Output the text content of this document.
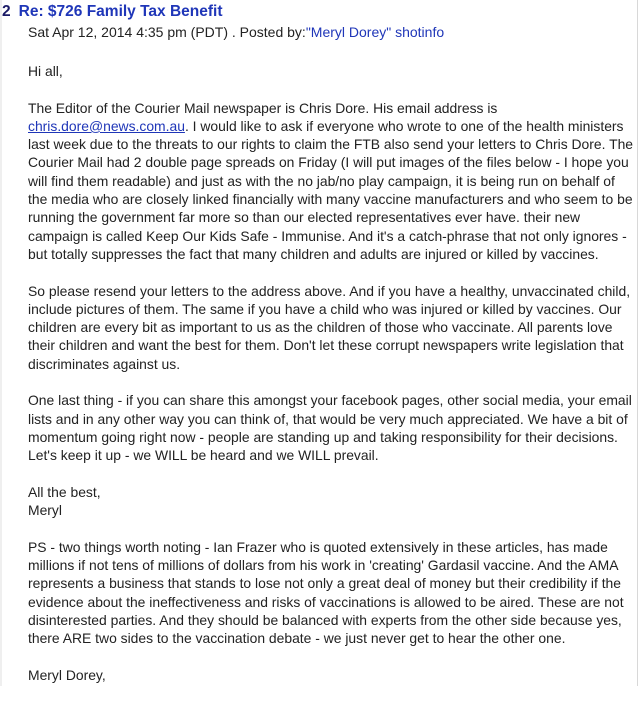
2 Re: $726 Family Tax Benefit
Sat Apr 12, 2014 4:35 pm (PDT) . Posted by:"Meryl Dorey" shotinfo

Hi all,

The Editor of the Courier Mail newspaper is Chris Dore. His email address is chris.dore@news.com.au. I would like to ask if everyone who wrote to one of the health ministers last week due to the threats to our rights to claim the FTB also send your letters to Chris Dore. The Courier Mail had 2 double page spreads on Friday (I will put images of the files below - I hope you will find them readable) and just as with the no jab/no play campaign, it is being run on behalf of the media who are closely linked financially with many vaccine manufacturers and who seem to be running the government far more so than our elected representatives ever have. their new campaign is called Keep Our Kids Safe - Immunise. And it's a catch-phrase that not only ignores - but totally suppresses the fact that many children and adults are injured or killed by vaccines.

So please resend your letters to the address above. And if you have a healthy, unvaccinated child, include pictures of them. The same if you have a child who was injured or killed by vaccines. Our children are every bit as important to us as the children of those who vaccinate. All parents love their children and want the best for them. Don't let these corrupt newspapers write legislation that discriminates against us.

One last thing - if you can share this amongst your facebook pages, other social media, your email lists and in any other way you can think of, that would be very much appreciated. We have a bit of momentum going right now - people are standing up and taking responsibility for their decisions. Let's keep it up - we WILL be heard and we WILL prevail.

All the best,
Meryl

PS - two things worth noting - Ian Frazer who is quoted extensively in these articles, has made millions if not tens of millions of dollars from his work in 'creating' Gardasil vaccine. And the AMA represents a business that stands to lose not only a great deal of money but their credibility if the evidence about the ineffectiveness and risks of vaccinations is allowed to be aired. These are not disinterested parties. And they should be balanced with experts from the other side because yes, there ARE two sides to the vaccination debate - we just never get to hear the other one.

Meryl Dorey,
